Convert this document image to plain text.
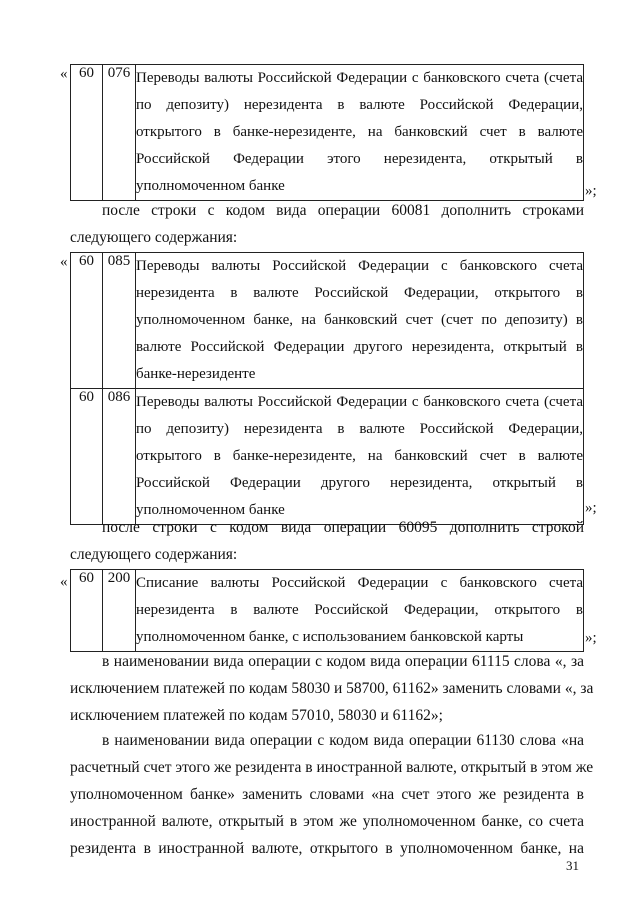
« 60	076	Переводы валюты Российской Федерации с банковского счета (счета
по депозиту) нерезидента в валюте Российской Федерации,
открытого в банке-нерезиденте, на банковский счет в валюте
Российской Федерации этого нерезидента, открытый в
уполномоченном банке	»;
после строки с кодом вида операции 60081 дополнить строками
следующего содержания:
« 60	085	Переводы валюты Российской Федерации с банковского счета
нерезидента в валюте Российской Федерации, открытого в
уполномоченном банке, на банковский счет (счет по депозиту) в
валюте Российской Федерации другого нерезидента, открытый в
банке-нерезиденте

60	086	Переводы валюты Российской Федерации с банковского счета (счета
по депозиту) нерезидента в валюте Российской Федерации,
открытого в банке-нерезиденте, на банковский счет в валюте
Российской Федерации другого нерезидента, открытый в
уполномоченном банке	»;
после строки с кодом вида операции 60095 дополнить строкой
следующего содержания:
« 60	200	Списание валюты Российской Федерации с банковского счета
нерезидента в валюте Российской Федерации, открытого в
уполномоченном банке, с использованием банковской карты	»;
в наименовании вида операции с кодом вида операции 61115 слова «, за
исключением платежей по кодам 58030 и 58700, 61162» заменить словами «, за
исключением платежей по кодам 57010, 58030 и 61162»;
в наименовании вида операции с кодом вида операции 61130 слова «на
расчетный счет этого же резидента в иностранной валюте, открытый в этом же
уполномоченном банке» заменить словами «на счет этого же резидента в
иностранной валюте, открытый в этом же уполномоченном банке, со счета
резидента в иностранной валюте, открытого в уполномоченном банке, на
31
